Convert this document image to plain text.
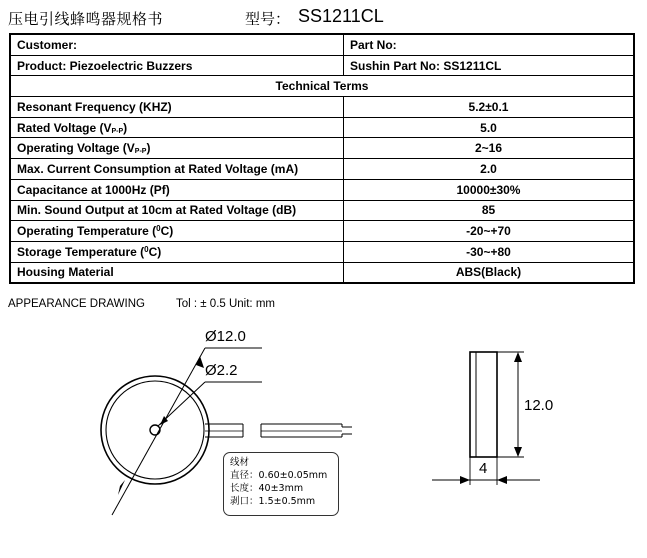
压电引线蜂鸣器规格书	型号： SS1211CL
Customer:	Part No:
Product: Piezoelectric Buzzers	Sushin Part No: SS1211CL
Technical Terms	
Resonant Frequency (KHZ)	5.2±0.1
Rated Voltage $(V_{P-P})$	5.0
Operating Voltage $(V_{P-P})$	2~16
Max. Current Consumption at Rated Voltage (mA)	2.0
Capacitance at 1000Hz (Pf)	10000±30%
Min. Sound Output at 10cm at Rated Voltage (dB)	85
Operating Temperature ($^0$C)	-20~+70
Storage Temperature ($^0$C)	-30~+80
Housing Material	ABS(Black)
APPEARANCE DRAWING	Tol : ± 0.5 Unit: mm
Ø12.0
Ø2.2
12.0
4
线材
直径：0.60±0.05mm
长度：40±3mm
剥口：1.5±0.5mm
